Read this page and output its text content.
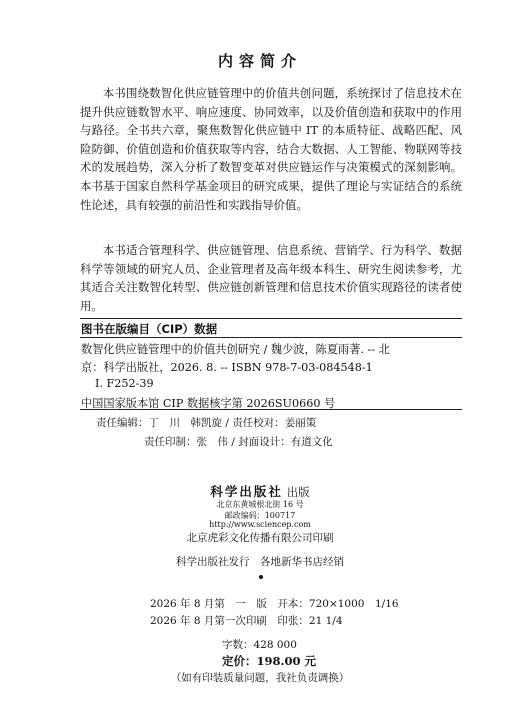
内容简介

本书围绕数智化供应链管理中的价值共创问题，系统探讨了信息技术在提升供应链数智水平、响应速度、协同效率，以及价值创造和获取中的作用与路径。全书共六章，聚焦数智化供应链中 IT 的本质特征、战略匹配、风险防御、价值创造和价值获取等内容，结合大数据、人工智能、物联网等技术的发展趋势，深入分析了数智变革对供应链运作与决策模式的深刻影响。本书基于国家自然科学基金项目的研究成果，提供了理论与实证结合的系统性论述，具有较强的前沿性和实践指导价值。

本书适合管理科学、供应链管理、信息系统、营销学、行为科学、数据科学等领域的研究人员、企业管理者及高年级本科生、研究生阅读参考，尤其适合关注数智化转型、供应链创新管理和信息技术价值实现路径的读者使用。

图书在版编目（CIP）数据
数智化供应链管理中的价值共创研究 / 魏少波，陈夏雨著. -- 北
京：科学出版社，2026. 8. -- ISBN 978-7-03-084548-1
Ⅰ. F252-39
中国国家版本馆 CIP 数据核字第 2026SU0660 号
责任编辑：丁　川　韩凯旋 / 责任校对：姜丽策
责任印制：张　伟 / 封面设计：有道文化
科学出版社 出版
北京东黄城根北街 16 号
邮政编码：100717
http://www.sciencep.com
北京虎彩文化传播有限公司印刷
科学出版社发行　各地新华书店经销
2026 年 8 月第　一　版　开本：720×1000　1/16
2026 年 8 月第一次印刷　印张：21 1/4
字数：428 000
定价：198.00 元
（如有印装质量问题，我社负责调换）
